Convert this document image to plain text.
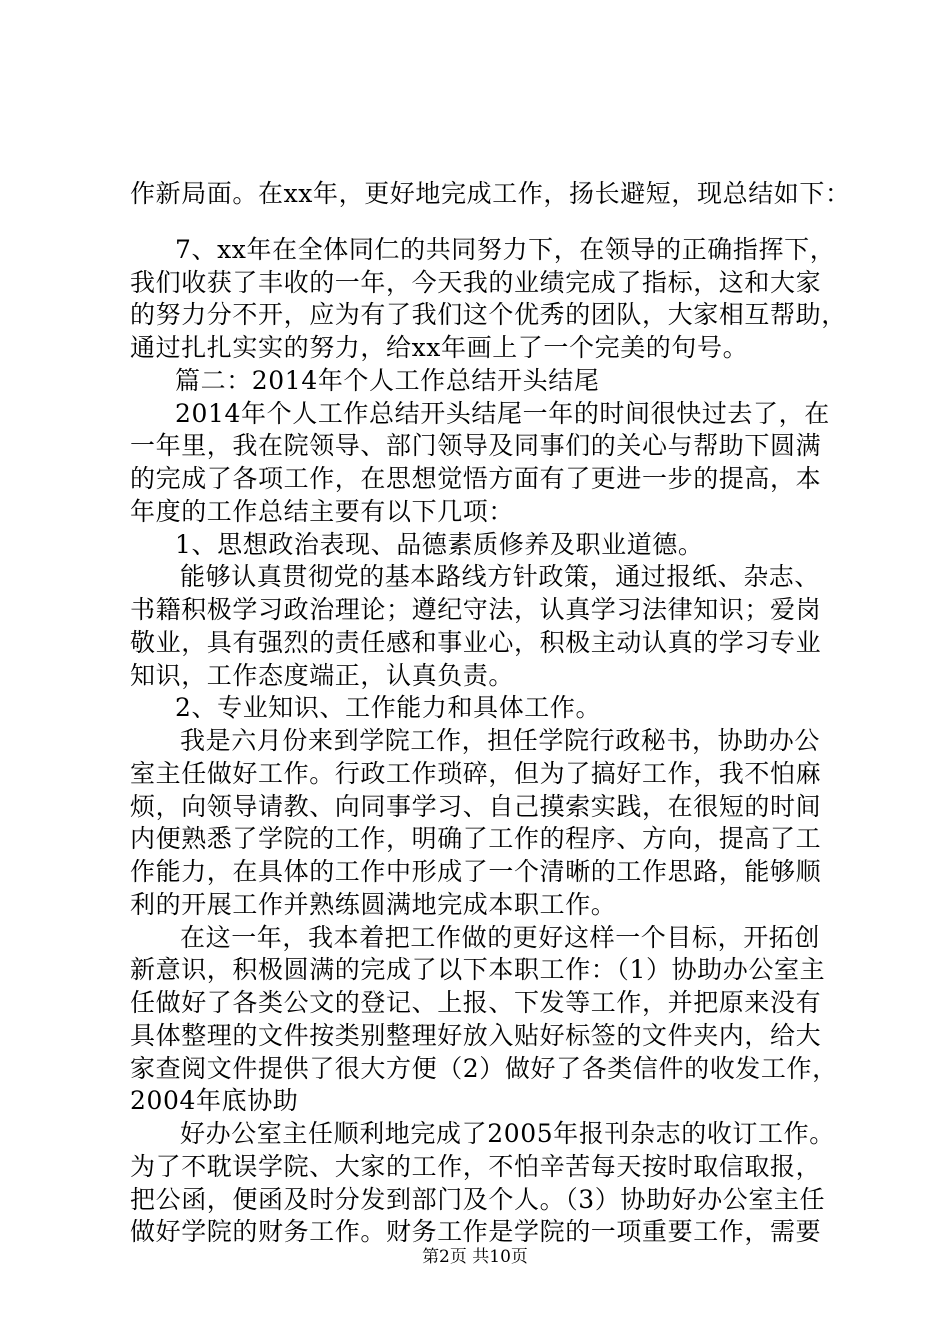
作新局面。在xx年，更好地完成工作，扬长避短，现总结如下：
7、xx年在全体同仁的共同努力下，在领导的正确指挥下，
我们收获了丰收的一年，今天我的业绩完成了指标，这和大家
的努力分不开，应为有了我们这个优秀的团队，大家相互帮助，
通过扎扎实实的努力，给xx年画上了一个完美的句号。
篇二：2014年个人工作总结开头结尾
2014年个人工作总结开头结尾一年的时间很快过去了，在
一年里，我在院领导、部门领导及同事们的关心与帮助下圆满
的完成了各项工作，在思想觉悟方面有了更进一步的提高，本
年度的工作总结主要有以下几项：
1、思想政治表现、品德素质修养及职业道德。
能够认真贯彻党的基本路线方针政策，通过报纸、杂志、
书籍积极学习政治理论；遵纪守法，认真学习法律知识；爱岗
敬业，具有强烈的责任感和事业心，积极主动认真的学习专业
知识，工作态度端正，认真负责。
2、专业知识、工作能力和具体工作。
我是六月份来到学院工作，担任学院行政秘书，协助办公
室主任做好工作。行政工作琐碎，但为了搞好工作，我不怕麻
烦，向领导请教、向同事学习、自己摸索实践，在很短的时间
内便熟悉了学院的工作，明确了工作的程序、方向，提高了工
作能力，在具体的工作中形成了一个清晰的工作思路，能够顺
利的开展工作并熟练圆满地完成本职工作。
在这一年，我本着把工作做的更好这样一个目标，开拓创
新意识，积极圆满的完成了以下本职工作：（1）协助办公室主
任做好了各类公文的登记、上报、下发等工作，并把原来没有
具体整理的文件按类别整理好放入贴好标签的文件夹内，给大
家查阅文件提供了很大方便（2）做好了各类信件的收发工作，
2004年底协助
好办公室主任顺利地完成了2005年报刊杂志的收订工作。
为了不耽误学院、大家的工作，不怕辛苦每天按时取信取报，
把公函，便函及时分发到部门及个人。（3）协助好办公室主任
做好学院的财务工作。财务工作是学院的一项重要工作，需要
第2页 共10页
